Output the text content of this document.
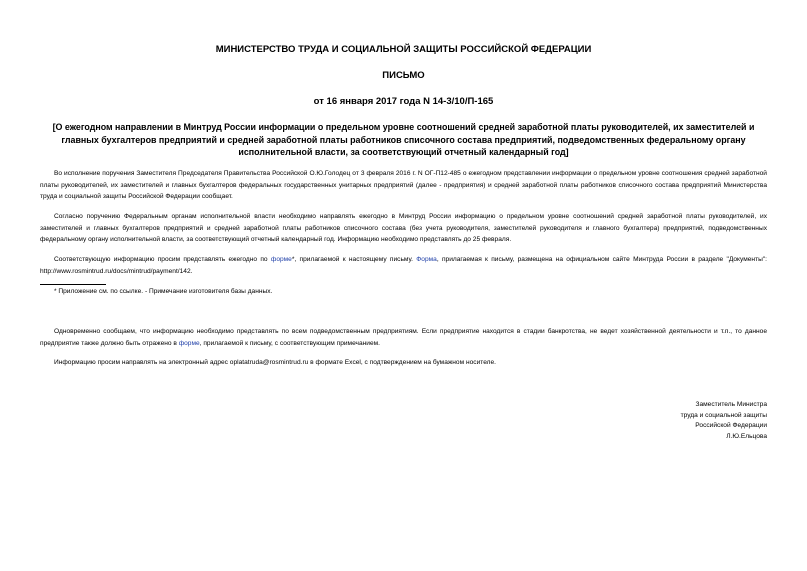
МИНИСТЕРСТВО ТРУДА И СОЦИАЛЬНОЙ ЗАЩИТЫ РОССИЙСКОЙ ФЕДЕРАЦИИ
ПИСЬМО
от 16 января 2017 года N 14-3/10/П-165
[О ежегодном направлении в Минтруд России информации о предельном уровне соотношений средней заработной платы руководителей, их заместителей и главных бухгалтеров предприятий и средней заработной платы работников списочного состава предприятий, подведомственных федеральному органу исполнительной власти, за соответствующий отчетный календарный год]
Во исполнение поручения Заместителя Председателя Правительства Российской О.Ю.Голодец от 3 февраля 2016 г. N ОГ-П12-485 о ежегодном представлении информации о предельном уровне соотношения средней заработной платы руководителей, их заместителей и главных бухгалтеров федеральных государственных унитарных предприятий (далее - предприятия) и средней заработной платы работников списочного состава предприятий Министерства труда и социальной защиты Российской Федерации сообщает.
Согласно поручению Федеральным органам исполнительной власти необходимо направлять ежегодно в Минтруд России информацию о предельном уровне соотношений средней заработной платы руководителей, их заместителей и главных бухгалтеров предприятий и средней заработной платы работников списочного состава (без учета руководителя, заместителей руководителя и главного бухгалтера) предприятий, подведомственных федеральному органу исполнительной власти, за соответствующий отчетный календарный год. Информацию необходимо представлять до 25 февраля.
Соответствующую информацию просим представлять ежегодно по форме*, прилагаемой к настоящему письму. Форма, прилагаемая к письму, размещена на официальном сайте Минтруда России в разделе "Документы": http://www.rosmintrud.ru/docs/mintrud/payment/142.
* Приложение см. по ссылке. - Примечание изготовителя базы данных.
Одновременно сообщаем, что информацию необходимо представлять по всем подведомственным предприятиям. Если предприятие находится в стадии банкротства, не ведет хозяйственной деятельности и т.п., то данное предприятие также должно быть отражено в форме, прилагаемой к письму, с соответствующим примечанием.
Информацию просим направлять на электронный адрес oplatatruda@rosmintrud.ru в формате Excel, с подтверждением на бумажном носителе.
Заместитель Министра
труда и социальной защиты
Российской Федерации
Л.Ю.Ельцова
